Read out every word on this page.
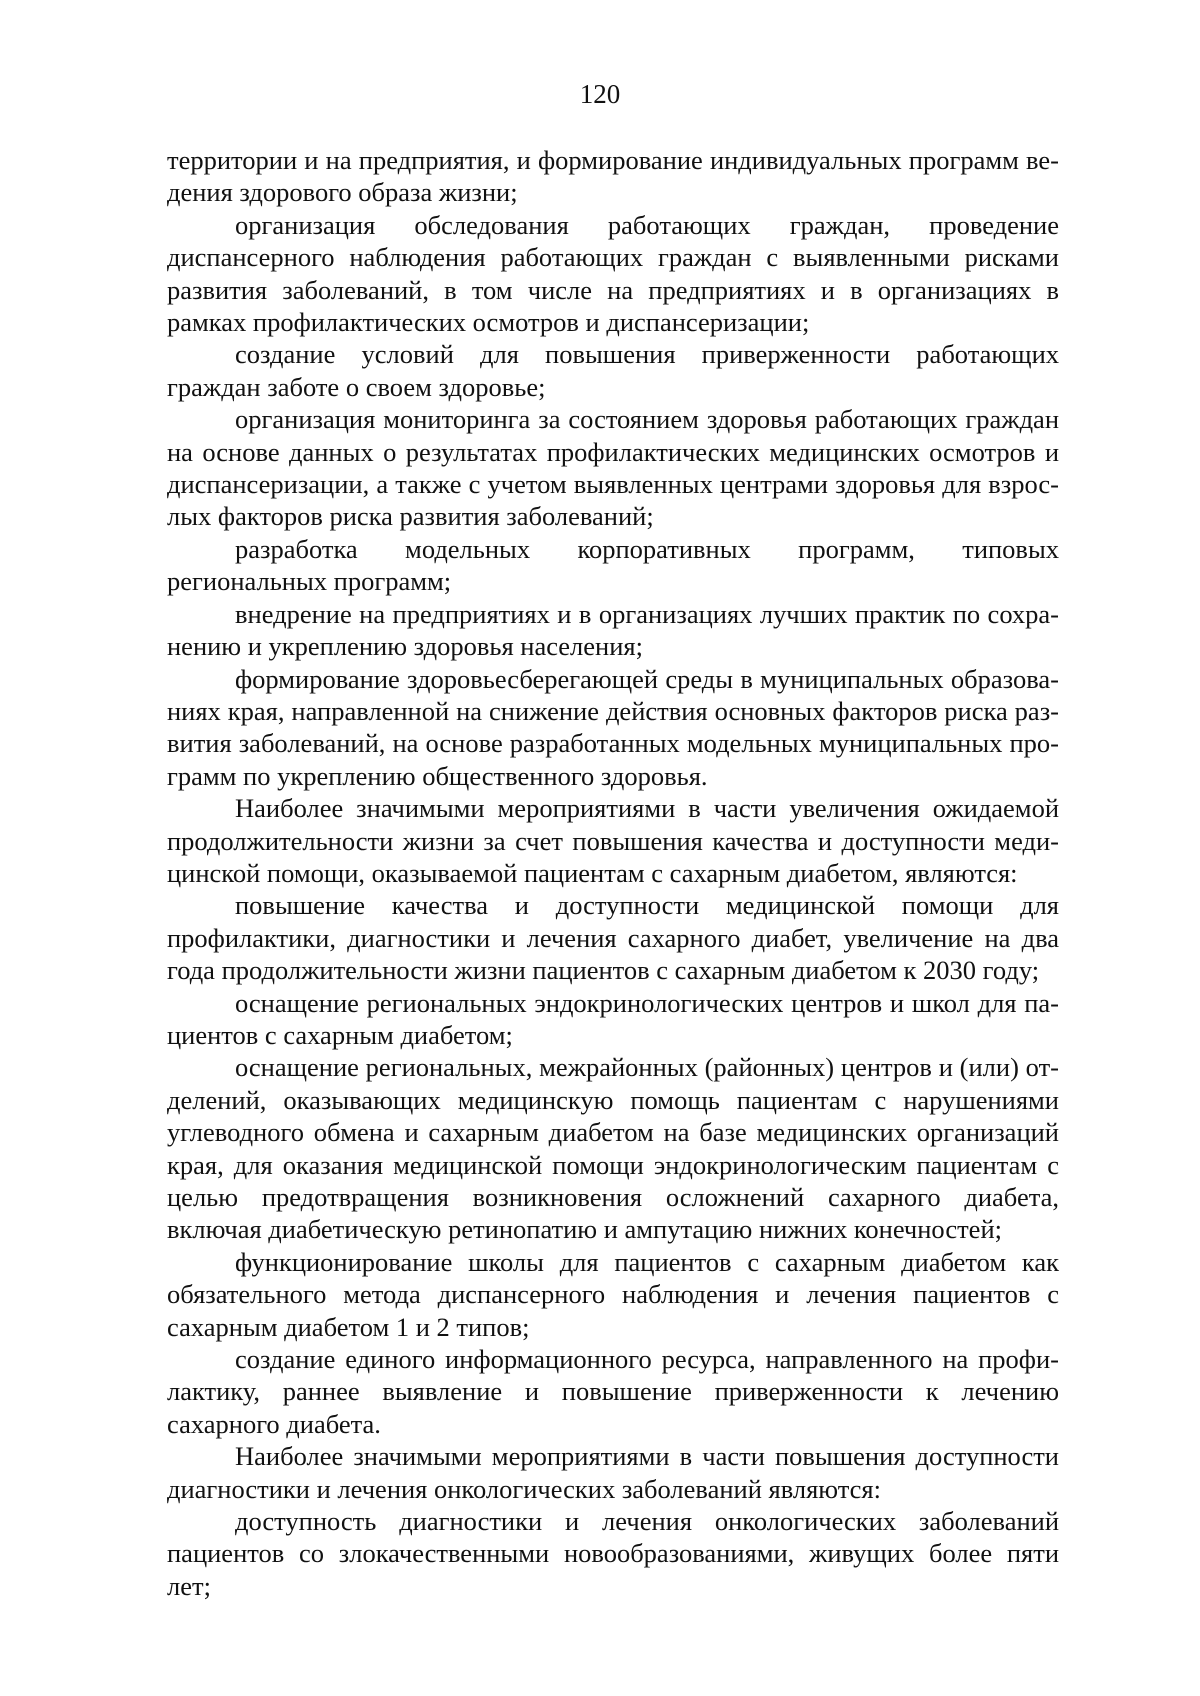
120

территории и на предприятия, и формирование индивидуальных программ ведения здорового образа жизни;

организация обследования работающих граждан, проведение диспансерного наблюдения работающих граждан с выявленными рисками развития заболеваний, в том числе на предприятиях и в организациях в рамках профилактических осмотров и диспансеризации;

создание условий для повышения приверженности работающих граждан заботе о своем здоровье;

организация мониторинга за состоянием здоровья работающих граждан на основе данных о результатах профилактических медицинских осмотров и диспансеризации, а также с учетом выявленных центрами здоровья для взрослых факторов риска развития заболеваний;

разработка модельных корпоративных программ, типовых региональных программ;

внедрение на предприятиях и в организациях лучших практик по сохранению и укреплению здоровья населения;

формирование здоровьесберегающей среды в муниципальных образованиях края, направленной на снижение действия основных факторов риска развития заболеваний, на основе разработанных модельных муниципальных программ по укреплению общественного здоровья.

Наиболее значимыми мероприятиями в части увеличения ожидаемой продолжительности жизни за счет повышения качества и доступности медицинской помощи, оказываемой пациентам с сахарным диабетом, являются:

повышение качества и доступности медицинской помощи для профилактики, диагностики и лечения сахарного диабет, увеличение на два года продолжительности жизни пациентов с сахарным диабетом к 2030 году;

оснащение региональных эндокринологических центров и школ для пациентов с сахарным диабетом;

оснащение региональных, межрайонных (районных) центров и (или) отделений, оказывающих медицинскую помощь пациентам с нарушениями углеводного обмена и сахарным диабетом на базе медицинских организаций края, для оказания медицинской помощи эндокринологическим пациентам с целью предотвращения возникновения осложнений сахарного диабета, включая диабетическую ретинопатию и ампутацию нижних конечностей;

функционирование школы для пациентов с сахарным диабетом как обязательного метода диспансерного наблюдения и лечения пациентов с сахарным диабетом 1 и 2 типов;

создание единого информационного ресурса, направленного на профилактику, раннее выявление и повышение приверженности к лечению сахарного диабета.

Наиболее значимыми мероприятиями в части повышения доступности диагностики и лечения онкологических заболеваний являются:

доступность диагностики и лечения онкологических заболеваний пациентов со злокачественными новообразованиями, живущих более пяти лет;
